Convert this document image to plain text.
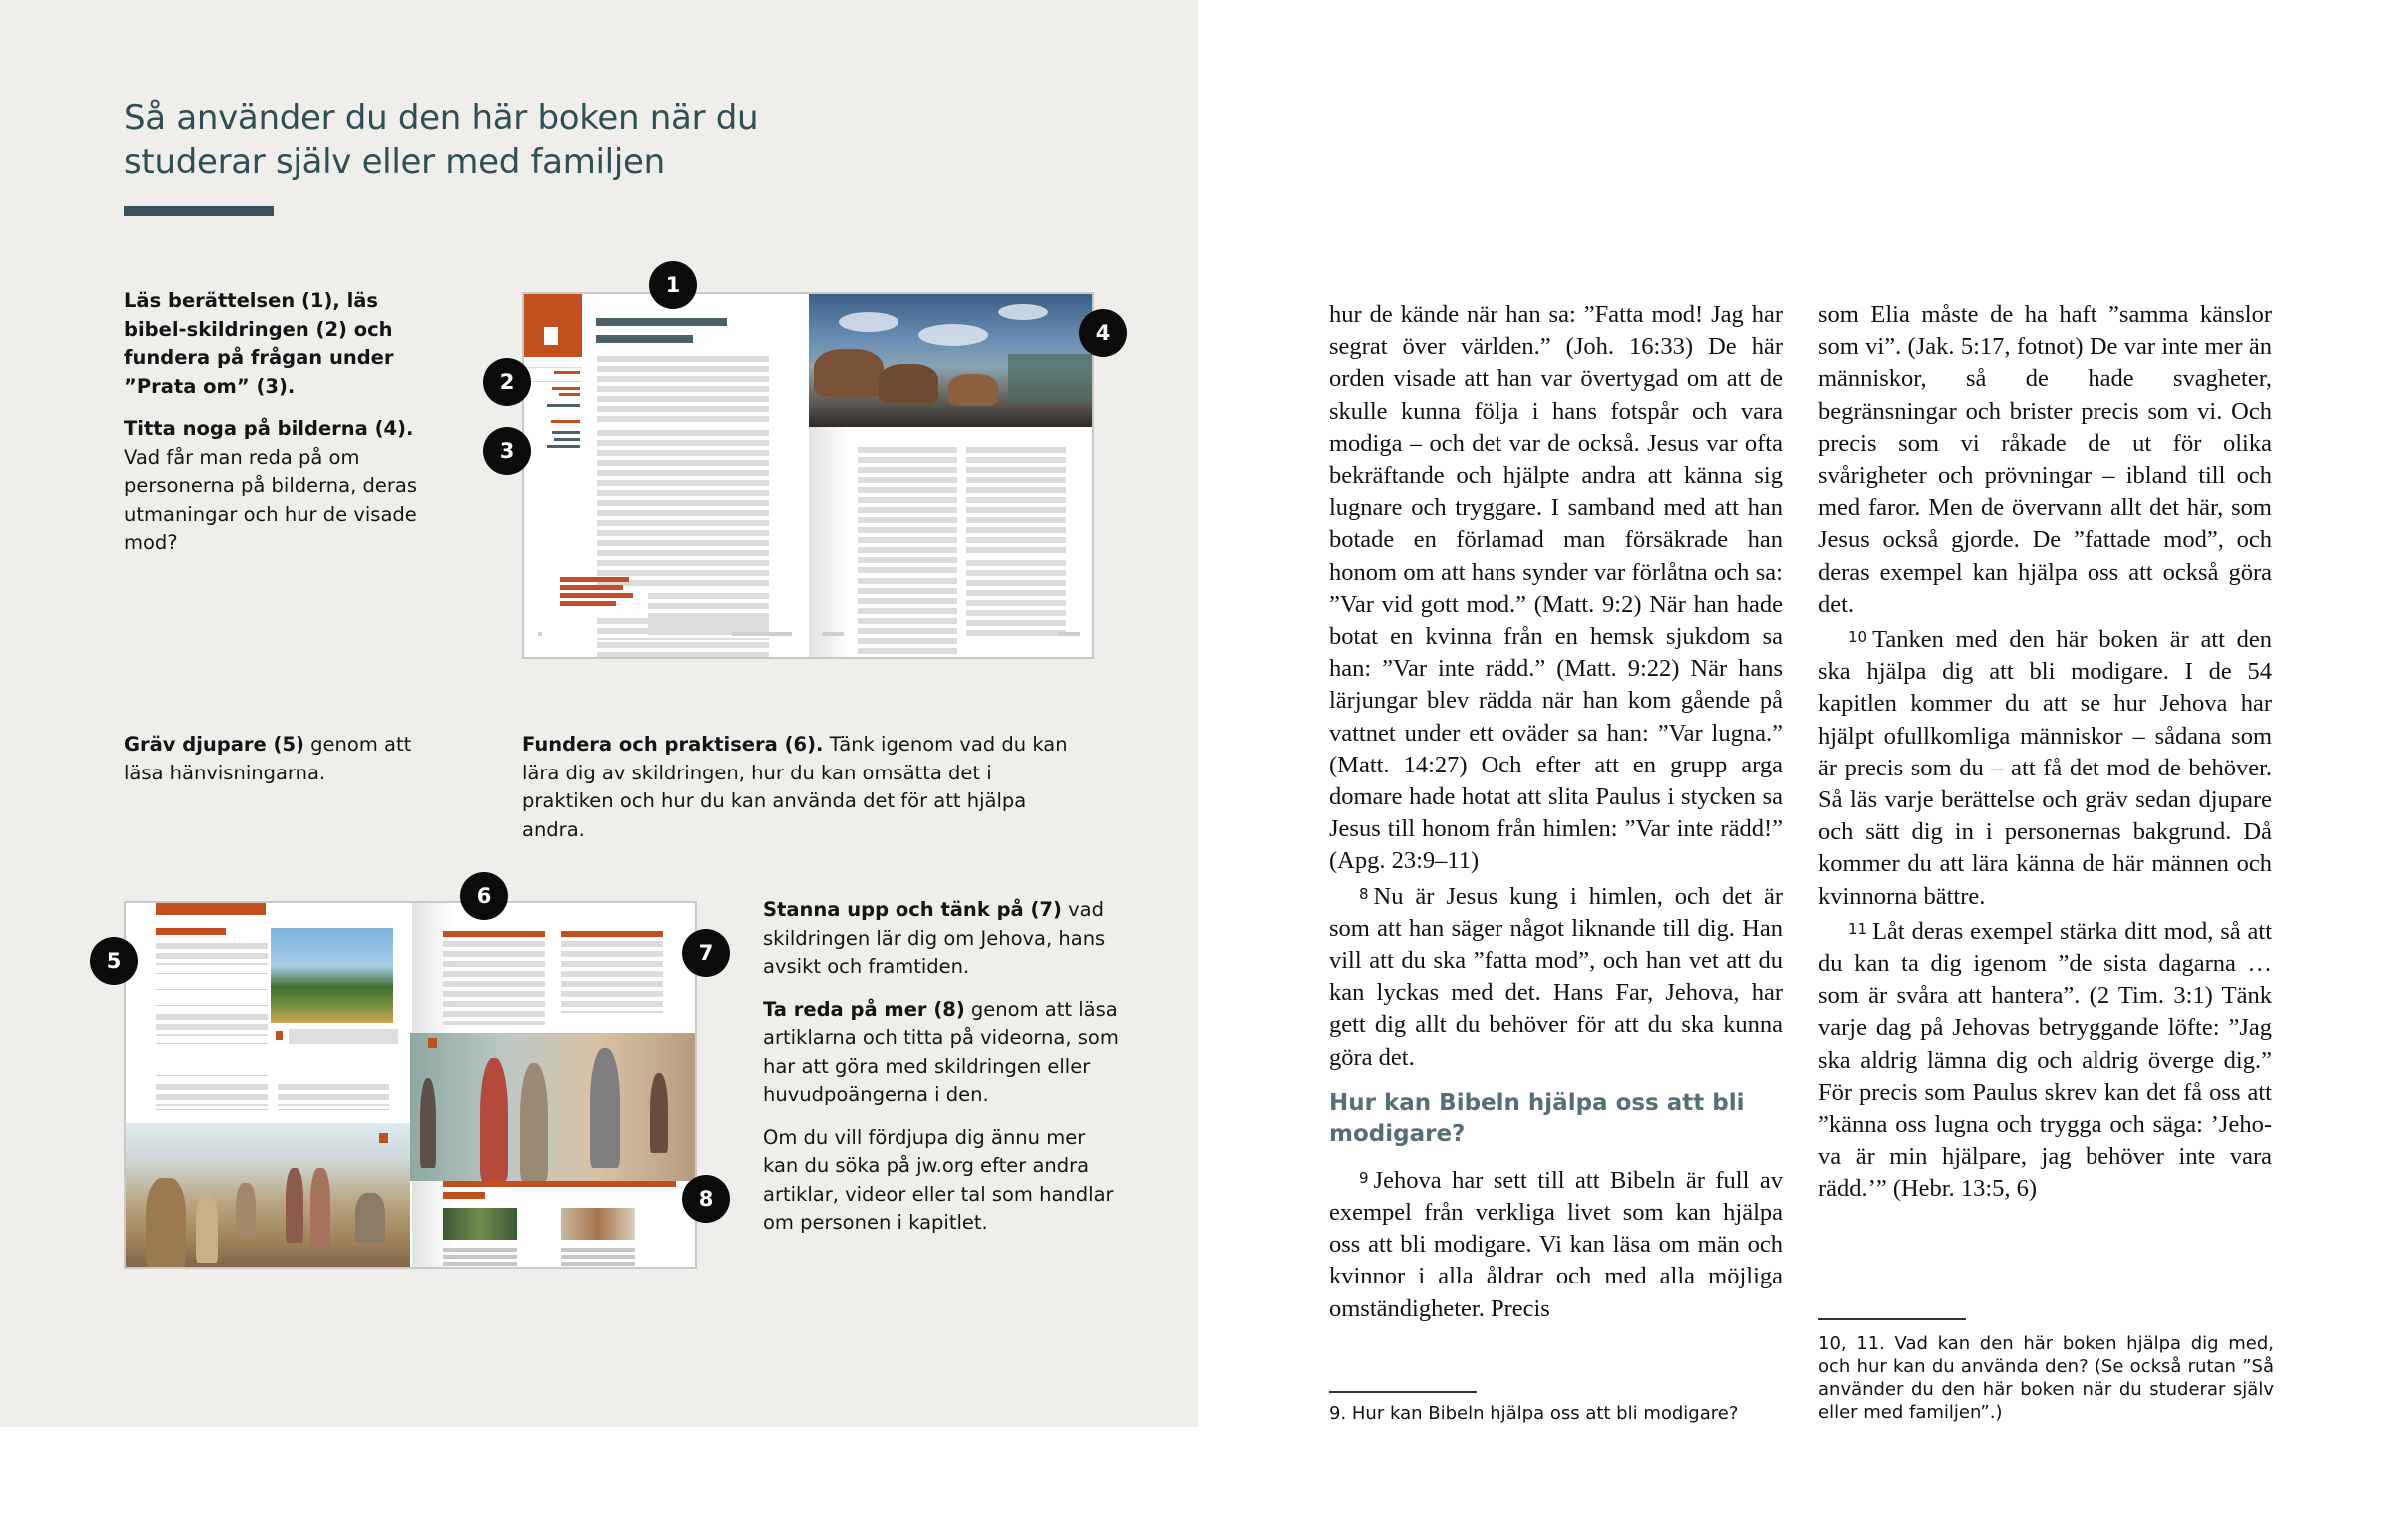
Så använder du den här boken när du
studerar själv eller med familjen

Läs berättelsen (1), läs bibel-skildringen (2) och fundera på frågan under ”Prata om” (3).

Titta noga på bilderna (4). Vad får man reda på om personerna på bilderna, deras utmaningar och hur de visade mod?

Gräv djupare (5) genom att läsa hänvisningarna.

Fundera och praktisera (6). Tänk igenom vad du kan lära dig av skildringen, hur du kan omsätta det i praktiken och hur du kan använda det för att hjälpa andra.

Stanna upp och tänk på (7) vad skildringen lär dig om Jehova, hans avsikt och framtiden.

Ta reda på mer (8) genom att läsa artiklarna och titta på videorna, som har att göra med skildringen eller huvudpoängerna i den.

Om du vill fördjupa dig ännu mer kan du söka på jw.org efter andra artiklar, videor eller tal som handlar om personen i kapitlet.

1
2
3
4
5
6
7
8

hur de kände när han sa: ”Fatta mod! Jag har segrat över världen.” (Joh. 16:33) De här orden visade att han var övertygad om att de skulle kunna följa i hans fotspår och vara modiga – och det var de också. Jesus var ofta bekräftande och hjälpte andra att känna sig lugnare och tryggare. I samband med att han botade en förlamad man försäkrade han honom om att hans synder var förlåtna och sa: ”Var vid gott mod.” (Matt. 9:2) När han hade botat en kvinna från en hemsk sjukdom sa han: ”Var inte rädd.” (Matt. 9:22) När hans lärjungar blev rädda när han kom gående på vattnet under ett oväder sa han: ”Var lugna.” (Matt. 14:27) Och efter att en grupp arga domare hade hotat att slita Paulus i stycken sa Jesus till honom från himlen: ”Var inte rädd!” (Apg. 23:9–11)

$^8$ Nu är Jesus kung i himlen, och det är som att han säger något liknande till dig. Han vill att du ska ”fatta mod”, och han vet att du kan lyckas med det. Hans Far, Jehova, har gett dig allt du behöver för att du ska kunna göra det.

Hur kan Bibeln hjälpa oss att bli modigare?

$^9$ Jehova har sett till att Bibeln är full av exempel från verkliga livet som kan hjälpa oss att bli modigare. Vi kan läsa om män och kvinnor i alla åldrar och med alla möjliga omständigheter. Precis

9. Hur kan Bibeln hjälpa oss att bli modigare?

som Elia måste de ha haft ”samma känslor som vi”. (Jak. 5:17, fotnot) De var inte mer än människor, så de hade svagheter, begränsningar och brister precis som vi. Och precis som vi råkade de ut för olika svårigheter och prövningar – ibland till och med faror. Men de övervann allt det här, som Jesus också gjorde. De ”fattade mod”, och deras exempel kan hjälpa oss att också göra det.

$^{10}$ Tanken med den här boken är att den ska hjälpa dig att bli modigare. I de 54 kapitlen kommer du att se hur Jehova har hjälpt ofullkomliga människor – sådana som är precis som du – att få det mod de behöver. Så läs varje berättelse och gräv sedan djupare och sätt dig in i personernas bakgrund. Då kommer du att lära känna de här männen och kvinnorna bättre.

$^{11}$ Låt deras exempel stärka ditt mod, så att du kan ta dig igenom ”de sista dagarna … som är svåra att hantera”. (2 Tim. 3:1) Tänk varje dag på Jehovas betryggande löfte: ”Jag ska aldrig lämna dig och aldrig överge dig.” För precis som Paulus skrev kan det få oss att ”känna oss lugna och trygga och säga: ’Jehova är min hjälpare, jag behöver inte vara rädd.’” (Hebr. 13:5, 6)

10, 11. Vad kan den här boken hjälpa dig med, och hur kan du använda den? (Se också rutan ”Så använder du den här boken när du studerar själv eller med familjen”.)
